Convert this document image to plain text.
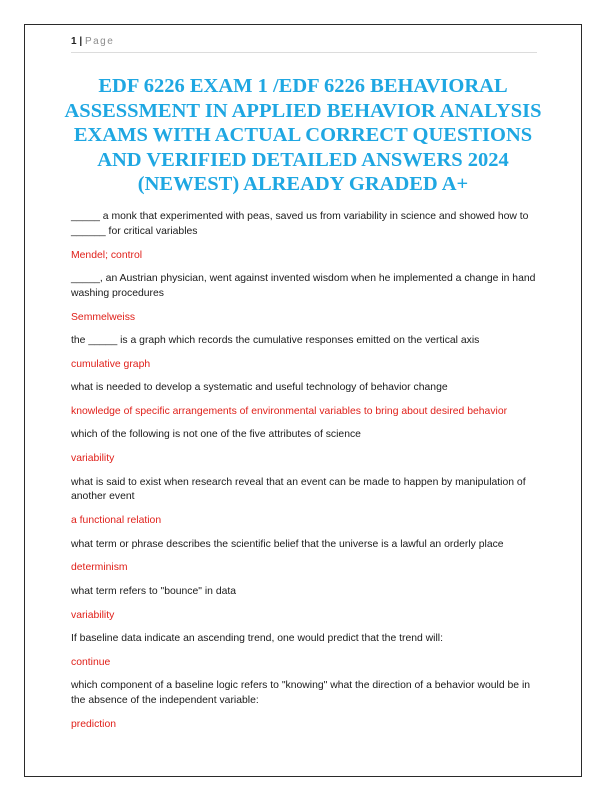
1 | Page
EDF 6226 EXAM 1 /EDF 6226 BEHAVIORAL ASSESSMENT IN APPLIED BEHAVIOR ANALYSIS EXAMS WITH ACTUAL CORRECT QUESTIONS AND VERIFIED DETAILED ANSWERS 2024 (NEWEST) ALREADY GRADED A+

_____ a monk that experimented with peas, saved us from variability in science and showed how to ______ for critical variables

Mendel; control

_____, an Austrian physician, went against invented wisdom when he implemented a change in hand washing procedures

Semmelweiss

the _____ is a graph which records the cumulative responses emitted on the vertical axis

cumulative graph

what is needed to develop a systematic and useful technology of behavior change

knowledge of specific arrangements of environmental variables to bring about desired behavior

which of the following is not one of the five attributes of science

variability

what is said to exist when research reveal that an event can be made to happen by manipulation of another event

a functional relation

what term or phrase describes the scientific belief that the universe is a lawful an orderly place

determinism

what term refers to "bounce" in data

variability

If baseline data indicate an ascending trend, one would predict that the trend will:

continue

which component of a baseline logic refers to "knowing" what the direction of a behavior would be in the absence of the independent variable:

prediction
